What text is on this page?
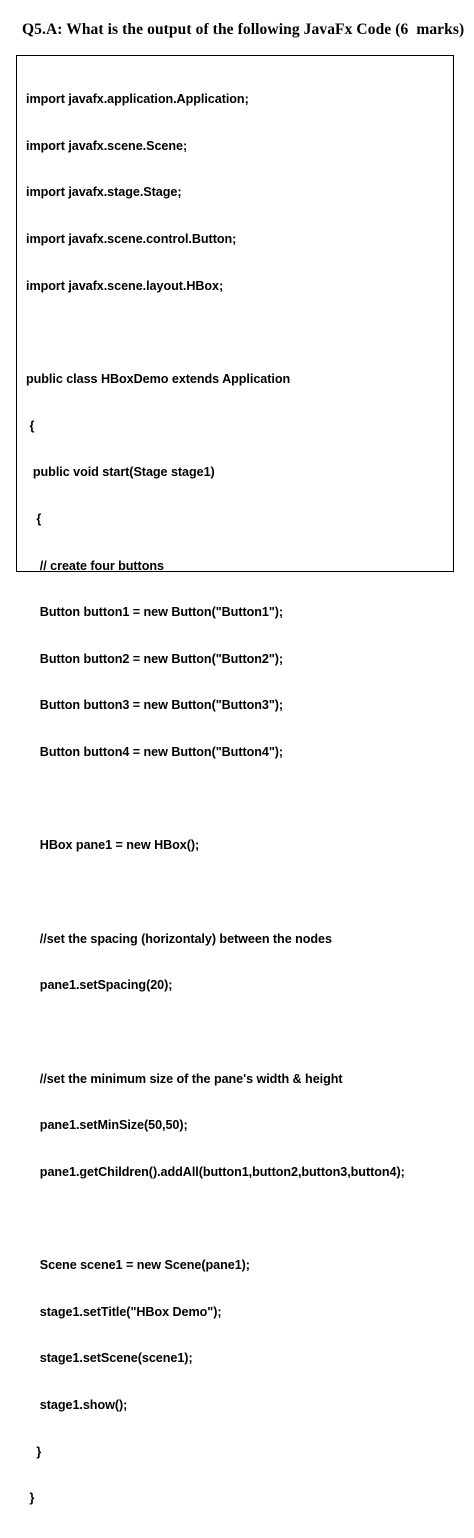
Q5.A: What is the output of the following JavaFx Code (6  marks)

import javafx.application.Application;

import javafx.scene.Scene;

import javafx.stage.Stage;

import javafx.scene.control.Button;

import javafx.scene.layout.HBox;

public class HBoxDemo extends Application

{

public void start(Stage stage1)

{

// create four buttons

Button button1 = new Button("Button1");

Button button2 = new Button("Button2");

Button button3 = new Button("Button3");

Button button4 = new Button("Button4");

HBox pane1 = new HBox();

//set the spacing (horizontaly) between the nodes

pane1.setSpacing(20);

//set the minimum size of the pane's width & height

pane1.setMinSize(50,50);

pane1.getChildren().addAll(button1,button2,button3,button4);

Scene scene1 = new Scene(pane1);

stage1.setTitle("HBox Demo");

stage1.setScene(scene1);

stage1.show();

}

}
